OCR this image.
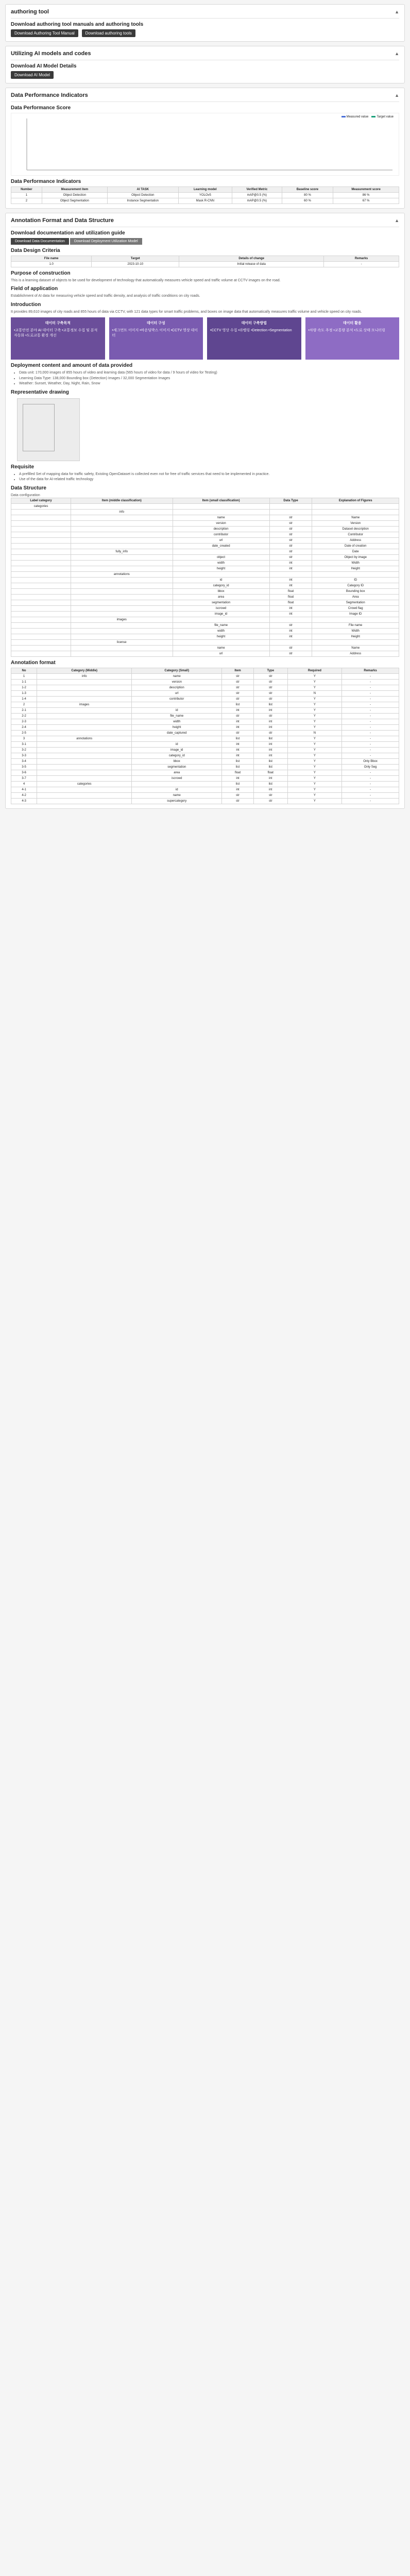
authoring tool	▲
Download authoring tool manuals and authoring tools
Download Authoring Tool Manual	Download authoring tools
Utilizing AI models and codes	▲
Download AI Model Details
Download AI Model
Data Performance Indicators	▲
Data Performance Score
Measured value	Target value
Data Performance Indicators
Number	Measurement item	AI TASK	Learning model	Verified Metric	Baseline score	Measurement score
1	Object Detection	Object Detection	YOLOv5	mAP@0.5 (%)	80 %	86 %
2	Object Segmentation	Instance Segmentation	Mask R-CNN	mAP@0.5 (%)	60 %	67 %
Annotation Format and Data Structure	▲
Download documentation and utilization guide
Download Data Documentation	Download Deployment Utilization Model
Data Design Criteria
File name	Target	Details of change	Remarks
1.0	2023-10-10	Initial release of data	-
Purpose of construction
This is a learning dataset of objects to be used for development of technology that automatically measures vehicle speed and traffic volume at CCTV images on the road.
Field of application
Establishment of AI data for measuring vehicle speed and traffic density, and analysis of traffic conditions on city roads.
Introduction
It provides 89,610 images of city roads and 855 hours of data via CCTV, with 121 data types for smart traffic problems, and boxes on image data that automatically measures traffic volume and vehicle speed on city roads.
데이터 구축목적
•교통안전 분야 AI 데이터 구축 •교통정보 수집 및 분석 자동화 •도로교통 환경 개선
데이터 구성
•세그먼트 이미지 •바운딩박스 이미지 •CCTV 영상 데이터
데이터 구축방법
•CCTV 영상 수집 •라벨링 •Detection •Segmentation
데이터 활용
•차량 속도 추정 •교통량 분석 •도로 상태 모니터링
Deployment content and amount of data provided
• Data unit: 170,000 images of 855 hours of video and learning data (565 hours of video for data / 9 hours of video for Testing)
• Learning Data Type: 138,000 Bounding box (Detection) Images / 32,000 Segmentation Images
• Weather: Sunset, Weather, Day, Night, Rain, Snow
Representative drawing
Requisite
• A prefilled Set of mapping data for traffic safety, Existing OpenDataset is collected even not for free of traffic services that need to be implemented in practice.
• Use of the data for AI-related traffic technology
Data Structure
Data configuration
Label category	Item (middle classification)	Item (small classification)	Data Type	Explanation of Figures
categories				
	info			
		name	str	Name
		version	str	Version
		description	str	Dataset description
		contributor	str	Contributor
		url	str	Address
		date_created	str	Date of creation
	fully_info		str	Date
		object	str	Object by image
		width	int	Width
		height	int	Height
	annotations			
		id	int	ID
		category_id	int	Category ID
		bbox	float	Bounding box
		area	float	Area
		segmentation	float	Segmentation
		iscrowd	int	Crowd flag
		image_id	int	Image ID
	images			
		file_name	str	File name
		width	int	Width
		height	int	Height
	license			
		name	str	Name
		url	str	Address
Annotation format
No	Category (Middle)	Category (Small)	Item	Type	Required	Remarks
1	info	name	str	str	Y	-
1-1		version	str	str	Y	-
1-2		description	str	str	Y	-
1-3		url	str	str	N	-
1-4		contributor	str	str	Y	-
2	images		list	list	Y	-
2-1		id	int	int	Y	-
2-2		file_name	str	str	Y	-
2-3		width	int	int	Y	-
2-4		height	int	int	Y	-
2-5		date_captured	str	str	N	-
3	annotations		list	list	Y	-
3-1		id	int	int	Y	-
3-2		image_id	int	int	Y	-
3-3		category_id	int	int	Y	-
3-4		bbox	list	list	Y	Only Bbox
3-5		segmentation	list	list	Y	Only Seg
3-6		area	float	float	Y	-
3-7		iscrowd	int	int	Y	-
4	categories		list	list	Y	-
4-1		id	int	int	Y	-
4-2		name	str	str	Y	-
4-3		supercategory	str	str	Y	-
